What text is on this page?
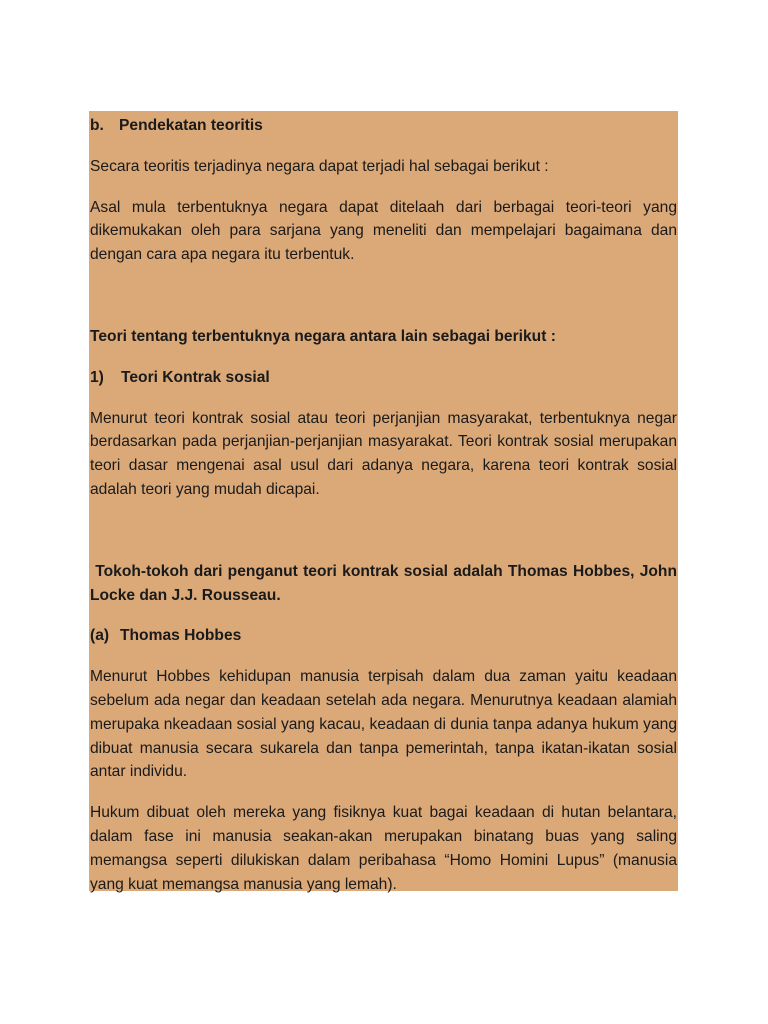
b. Pendekatan teoritis

Secara teoritis terjadinya negara dapat terjadi hal sebagai berikut :

Asal mula terbentuknya negara dapat ditelaah dari berbagai teori-teori yang dikemukakan oleh para sarjana yang meneliti dan mempelajari bagaimana dan dengan cara apa negara itu terbentuk.

Teori tentang terbentuknya negara antara lain sebagai berikut :

1) Teori Kontrak sosial

Menurut teori kontrak sosial atau teori perjanjian masyarakat, terbentuknya negar berdasarkan pada perjanjian-perjanjian masyarakat. Teori kontrak sosial merupakan teori dasar mengenai asal usul dari adanya negara, karena teori kontrak sosial adalah teori yang mudah dicapai.

Tokoh-tokoh dari penganut teori kontrak sosial adalah Thomas Hobbes, John Locke dan J.J. Rousseau.

(a) Thomas Hobbes

Menurut Hobbes kehidupan manusia terpisah dalam dua zaman yaitu keadaan sebelum ada negar dan keadaan setelah ada negara. Menurutnya keadaan alamiah merupaka nkeadaan sosial yang kacau, keadaan di dunia tanpa adanya hukum yang dibuat manusia secara sukarela dan tanpa pemerintah, tanpa ikatan-ikatan sosial antar individu.

Hukum dibuat oleh mereka yang fisiknya kuat bagai keadaan di hutan belantara, dalam fase ini manusia seakan-akan merupakan binatang buas yang saling memangsa seperti dilukiskan dalam peribahasa “Homo Homini Lupus” (manusia yang kuat memangsa manusia yang lemah).
